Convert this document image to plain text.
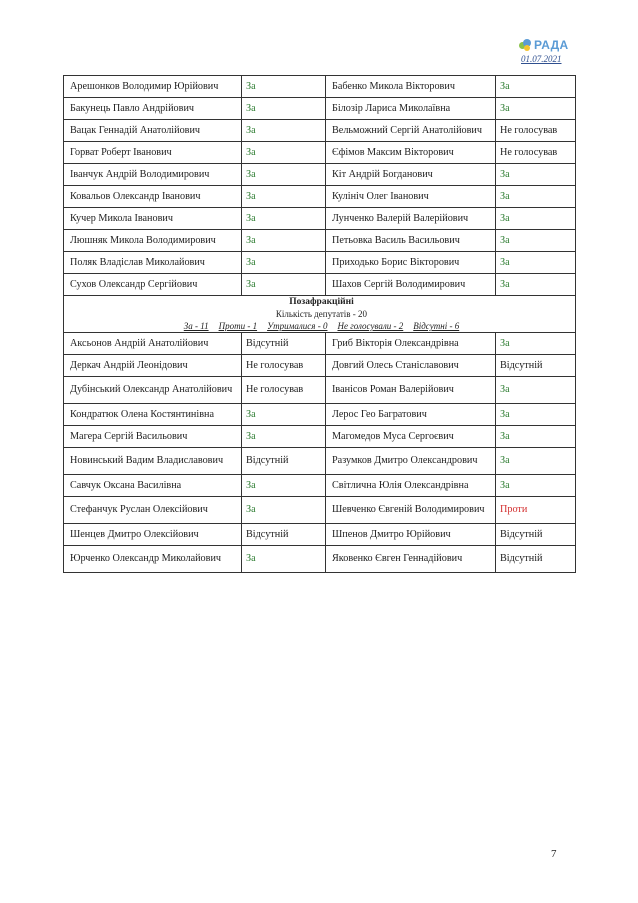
РАДА
01.07.2021
Арешонков Володимир Юрійович	За	Бабенко Микола Вікторович	За
Бакунець Павло Андрійович	За	Білозір Лариса Миколаївна	За
Вацак Геннадій Анатолійович	За	Вельможний Сергій Анатолійович	Не голосував
Горват Роберт Іванович	За	Єфімов Максим Вікторович	Не голосував
Іванчук Андрій Володимирович	За	Кіт Андрій Богданович	За
Ковальов Олександр Іванович	За	Кулініч Олег Іванович	За
Кучер Микола Іванович	За	Лунченко Валерій Валерійович	За
Люшняк Микола Володимирович	За	Петьовка Василь Васильович	За
Поляк Владіслав Миколайович	За	Приходько Борис Вікторович	За
Сухов Олександр Сергійович	За	Шахов Сергій Володимирович	За

Позафракційні
Кількість депутатів - 20
За - 11 Проти - 1 Утрималися - 0 Не голосували - 2 Відсутні - 6			

Аксьонов Андрій Анатолійович	Відсутній	Гриб Вікторія Олександрівна	За
Деркач Андрій Леонідович	Не голосував	Довгий Олесь Станіславович	Відсутній
Дубінський Олександр Анатолійович	Не голосував	Іванісов Роман Валерійович	За
Кондратюк Олена Костянтинівна	За	Лерос Гео Багратович	За
Магера Сергій Васильович	За	Магомедов Муса Сергоєвич	За
Новинський Вадим Владиславович	Відсутній	Разумков Дмитро Олександрович	За
Савчук Оксана Василівна	За	Світлична Юлія Олександрівна	За
Стефанчук Руслан Олексійович	За	Шевченко Євгеній Володимирович	Проти
Шенцев Дмитро Олексійович	Відсутній	Шпенов Дмитро Юрійович	Відсутній
Юрченко Олександр Миколайович	За	Яковенко Євген Геннадійович	Відсутній
7
